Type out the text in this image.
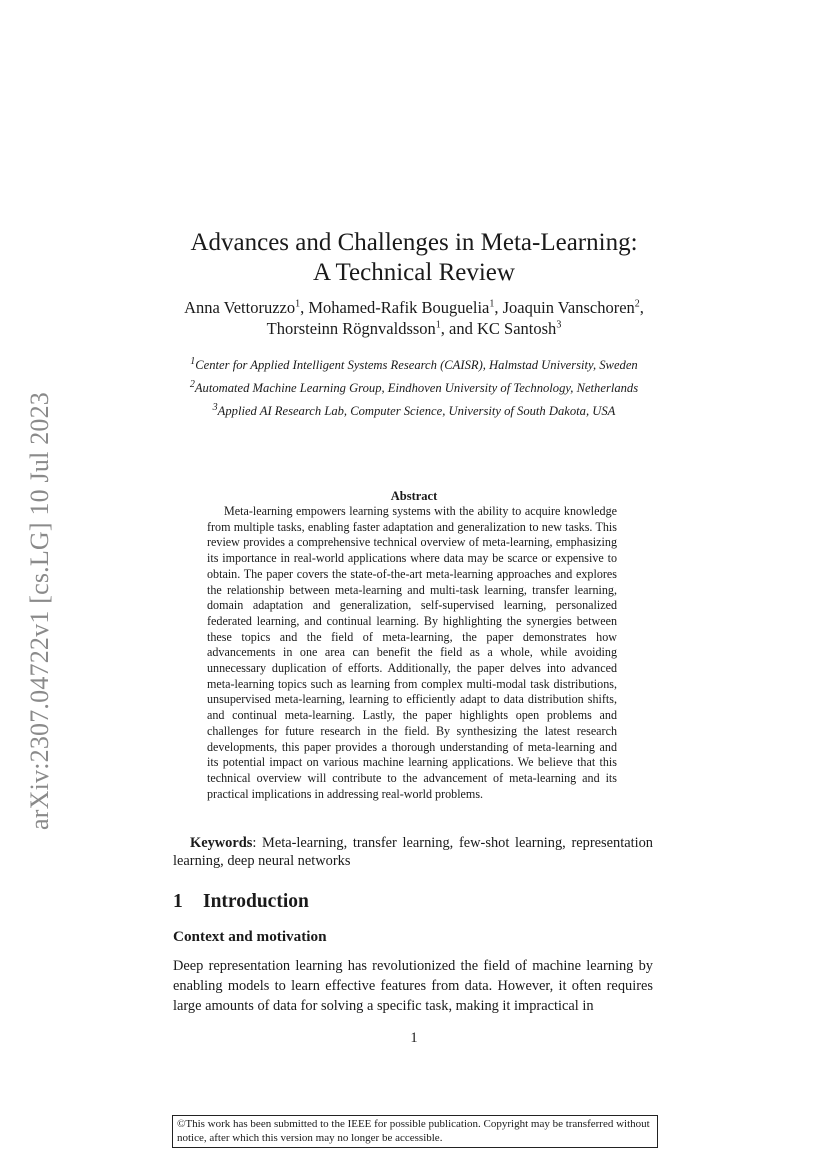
arXiv:2307.04722v1 [cs.LG] 10 Jul 2023
Advances and Challenges in Meta-Learning:
A Technical Review

Anna Vettoruzzo$^1$, Mohamed-Rafik Bouguelia$^1$, Joaquin Vanschoren$^2$, Thorsteinn Rögnvaldsson$^1$, and KC Santosh$^3$

$^1$Center for Applied Intelligent Systems Research (CAISR), Halmstad University, Sweden

$^2$Automated Machine Learning Group, Eindhoven University of Technology, Netherlands

$^3$Applied AI Research Lab, Computer Science, University of South Dakota, USA

Abstract

Meta-learning empowers learning systems with the ability to acquire knowledge from multiple tasks, enabling faster adaptation and generalization to new tasks. This review provides a comprehensive technical overview of meta-learning, emphasizing its importance in real-world applications where data may be scarce or expensive to obtain. The paper covers the state-of-the-art meta-learning approaches and explores the relationship between meta-learning and multi-task learning, transfer learning, domain adaptation and generalization, self-supervised learning, personalized federated learning, and continual learning. By highlighting the synergies between these topics and the field of meta-learning, the paper demonstrates how advancements in one area can benefit the field as a whole, while avoiding unnecessary duplication of efforts. Additionally, the paper delves into advanced meta-learning topics such as learning from complex multi-modal task distributions, unsupervised meta-learning, learning to efficiently adapt to data distribution shifts, and continual meta-learning. Lastly, the paper highlights open problems and challenges for future research in the field. By synthesizing the latest research developments, this paper provides a thorough understanding of meta-learning and its potential impact on various machine learning applications. We believe that this technical overview will contribute to the advancement of meta-learning and its practical implications in addressing real-world problems.

Keywords: Meta-learning, transfer learning, few-shot learning, representation learning, deep neural networks

1 Introduction
Context and motivation

Deep representation learning has revolutionized the field of machine learning by enabling models to learn effective features from data. However, it often requires large amounts of data for solving a specific task, making it impractical in

1

©This work has been submitted to the IEEE for possible publication. Copyright may be transferred without notice, after which this version may no longer be accessible.
